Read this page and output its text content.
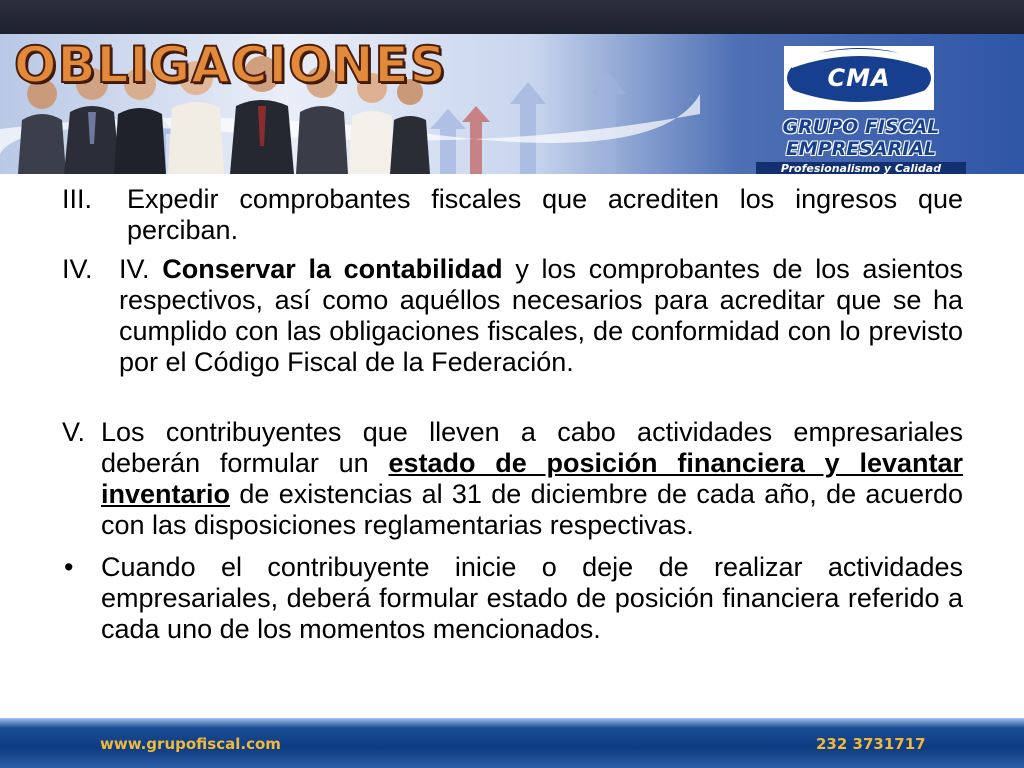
OBLIGACIONES	CMA
GRUPO FISCAL
EMPRESARIAL
Profesionalismo y Calidad
III. Expedir comprobantes fiscales que acrediten los ingresos que perciban.
IV. IV. Conservar la contabilidad y los comprobantes de los asientos respectivos, así como aquéllos necesarios para acreditar que se ha cumplido con las obligaciones fiscales, de conformidad con lo previsto por el Código Fiscal de la Federación.
V. Los contribuyentes que lleven a cabo actividades empresariales deberán formular un estado de posición financiera y levantar inventario de existencias al 31 de diciembre de cada año, de acuerdo con las disposiciones reglamentarias respectivas.
• Cuando el contribuyente inicie o deje de realizar actividades empresariales, deberá formular estado de posición financiera referido a cada uno de los momentos mencionados.
www.grupofiscal.com	232 3731717
